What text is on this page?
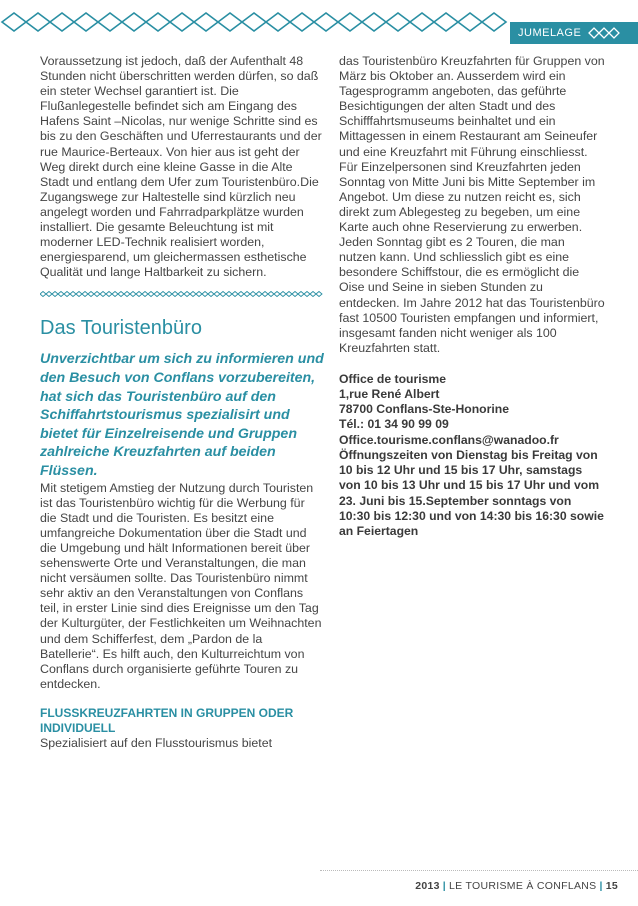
JUMELAGE

Voraussetzung ist jedoch, daß der Aufenthalt 48 Stunden nicht überschritten werden dürfen, so daß ein steter Wechsel garantiert ist. Die Flußanlegestelle befindet sich am Eingang des Hafens Saint –Nicolas, nur wenige Schritte sind es bis zu den Geschäften und Uferrestaurants und der rue Maurice-Berteaux. Von hier aus ist geht der Weg direkt durch eine kleine Gasse in die Alte Stadt und entlang dem Ufer zum Touristenbüro.Die Zugangswege zur Haltestelle sind kürzlich neu angelegt worden und Fahrradparkplätze wurden installiert. Die gesamte Beleuchtung ist mit moderner LED-Technik realisiert worden, energiesparend, um gleichermassen esthetische Qualität und lange Haltbarkeit zu sichern.

Das Touristenbüro

Unverzichtbar um sich zu informieren und den Besuch von Conflans vorzubereiten, hat sich das Touristenbüro auf den Schiffahrtstourismus spezialisirt und bietet für Einzelreisende und Gruppen zahlreiche Kreuzfahrten auf beiden Flüssen.

Mit stetigem Amstieg der Nutzung durch Touristen ist das Touristenbüro wichtig für die Werbung für die Stadt und die Touristen. Es besitzt eine umfangreiche Dokumentation über die Stadt und die Umgebung und hält Informationen bereit über sehenswerte Orte und Veranstaltungen, die man nicht versäumen sollte. Das Touristenbüro nimmt sehr aktiv an den Veranstaltungen von Conflans teil, in erster Linie sind dies Ereignisse um den Tag der Kulturgüter, der Festlichkeiten um Weihnachten und dem Schifferfest, dem „Pardon de la Batellerie“. Es hilft auch, den Kulturreichtum von Conflans durch organisierte geführte Touren zu entdecken.

FLUSSKREUZFAHRTEN IN GRUPPEN ODER INDIVIDUELL

Spezialisiert auf den Flusstourismus bietet

das Touristenbüro Kreuzfahrten für Gruppen von März bis Oktober an. Ausserdem wird ein Tagesprogramm angeboten, das geführte Besichtigungen der alten Stadt und des Schifffahrtsmuseums beinhaltet und ein Mittagessen in einem Restaurant am Seineufer und eine Kreuzfahrt mit Führung einschliesst. Für Einzelpersonen sind Kreuzfahrten jeden Sonntag von Mitte Juni bis Mitte September im Angebot. Um diese zu nutzen reicht es, sich direkt zum Ablegesteg zu begeben, um eine Karte auch ohne Reservierung zu erwerben. Jeden Sonntag gibt es 2 Touren, die man nutzen kann. Und schliesslich gibt es eine besondere Schiffstour, die es ermöglicht die Oise und Seine in sieben Stunden zu entdecken. Im Jahre 2012 hat das Touristenbüro fast 10500 Touristen empfangen und informiert, insgesamt fanden nicht weniger als 100 Kreuzfahrten statt.

Office de tourisme
1,rue René Albert
78700 Conflans-Ste-Honorine
Tél.: 01 34 90 99 09
Office.tourisme.conflans@wanadoo.fr
Öffnungszeiten von Dienstag bis Freitag von 10 bis 12 Uhr und 15 bis 17 Uhr, samstags von 10 bis 13 Uhr und 15 bis 17 Uhr und vom 23. Juni bis 15.September sonntags von 10:30 bis 12:30 und von 14:30 bis 16:30 sowie an Feiertagen
2013 | LE TOURISME À CONFLANS | 15
